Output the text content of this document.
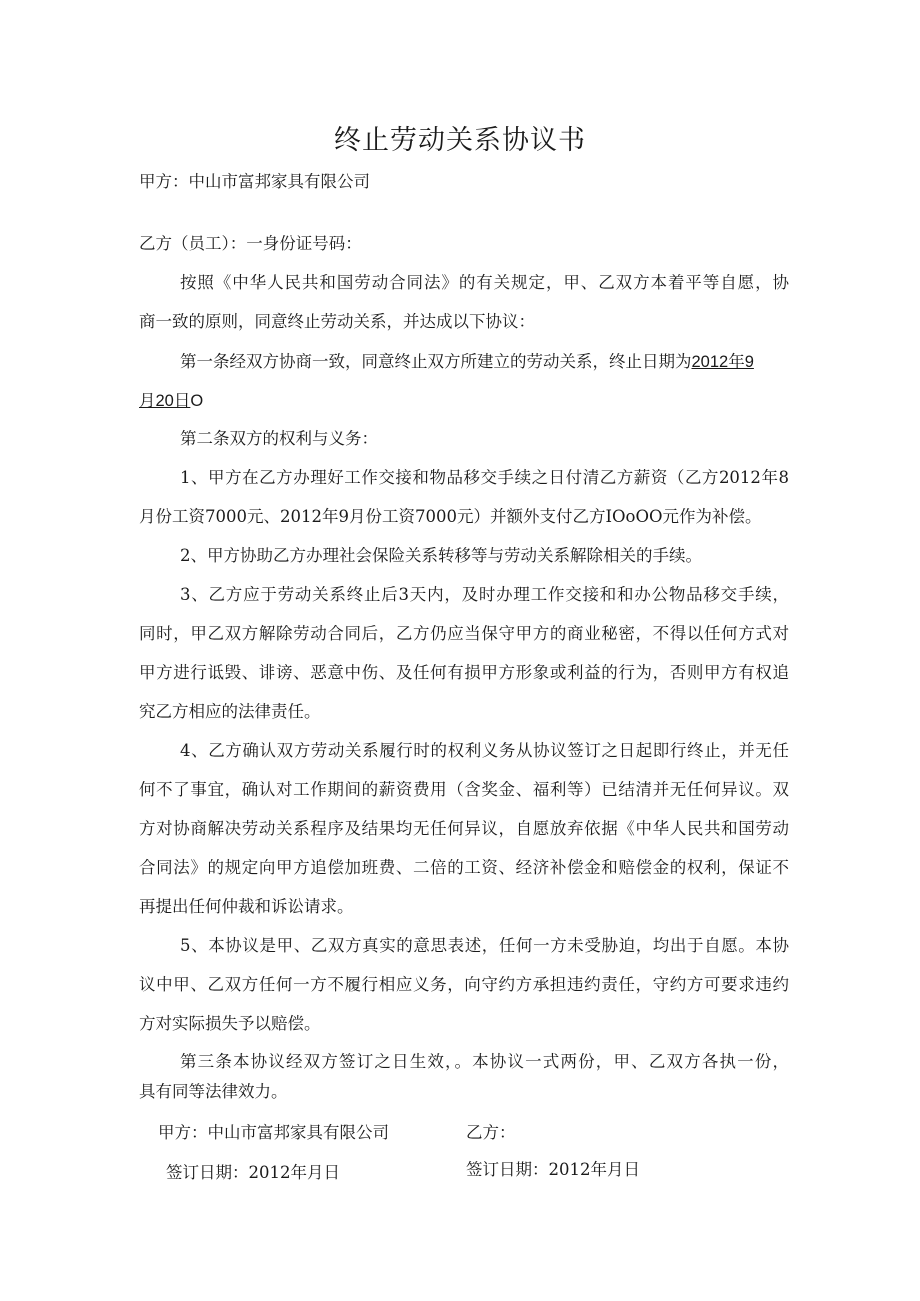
终止劳动关系协议书
甲方：中山市富邦家具有限公司
乙方（员工）：一身份证号码：
按照《中华人民共和国劳动合同法》的有关规定，甲、乙双方本着平等自愿，协
商一致的原则，同意终止劳动关系，并达成以下协议：
第一条经双方协商一致，同意终止双方所建立的劳动关系，终止日期为2012年9
月20日O
第二条双方的权利与义务：
1、甲方在乙方办理好工作交接和物品移交手续之日付清乙方薪资（乙方2012年8
月份工资7000元、2012年9月份工资7000元）并额外支付乙方IOoOO元作为补偿。
2、甲方协助乙方办理社会保险关系转移等与劳动关系解除相关的手续。
3、乙方应于劳动关系终止后3天内，及时办理工作交接和和办公物品移交手续，
同时，甲乙双方解除劳动合同后，乙方仍应当保守甲方的商业秘密，不得以任何方式对
甲方进行诋毁、诽谤、恶意中伤、及任何有损甲方形象或利益的行为，否则甲方有权追
究乙方相应的法律责任。
4、乙方确认双方劳动关系履行时的权利义务从协议签订之日起即行终止，并无任
何不了事宜，确认对工作期间的薪资费用（含奖金、福利等）已结清并无任何异议。双
方对协商解决劳动关系程序及结果均无任何异议，自愿放弃依据《中华人民共和国劳动
合同法》的规定向甲方追偿加班费、二倍的工资、经济补偿金和赔偿金的权利，保证不
再提出任何仲裁和诉讼请求。
5、本协议是甲、乙双方真实的意思表述，任何一方未受胁迫，均出于自愿。本协
议中甲、乙双方任何一方不履行相应义务，向守约方承担违约责任，守约方可要求违约
方对实际损失予以赔偿。
第三条本协议经双方签订之日生效，。本协议一式两份，甲、乙双方各执一份，
具有同等法律效力。
甲方：中山市富邦家具有限公司	乙方：
签订日期：2012年月日	签订日期：2012年月日
